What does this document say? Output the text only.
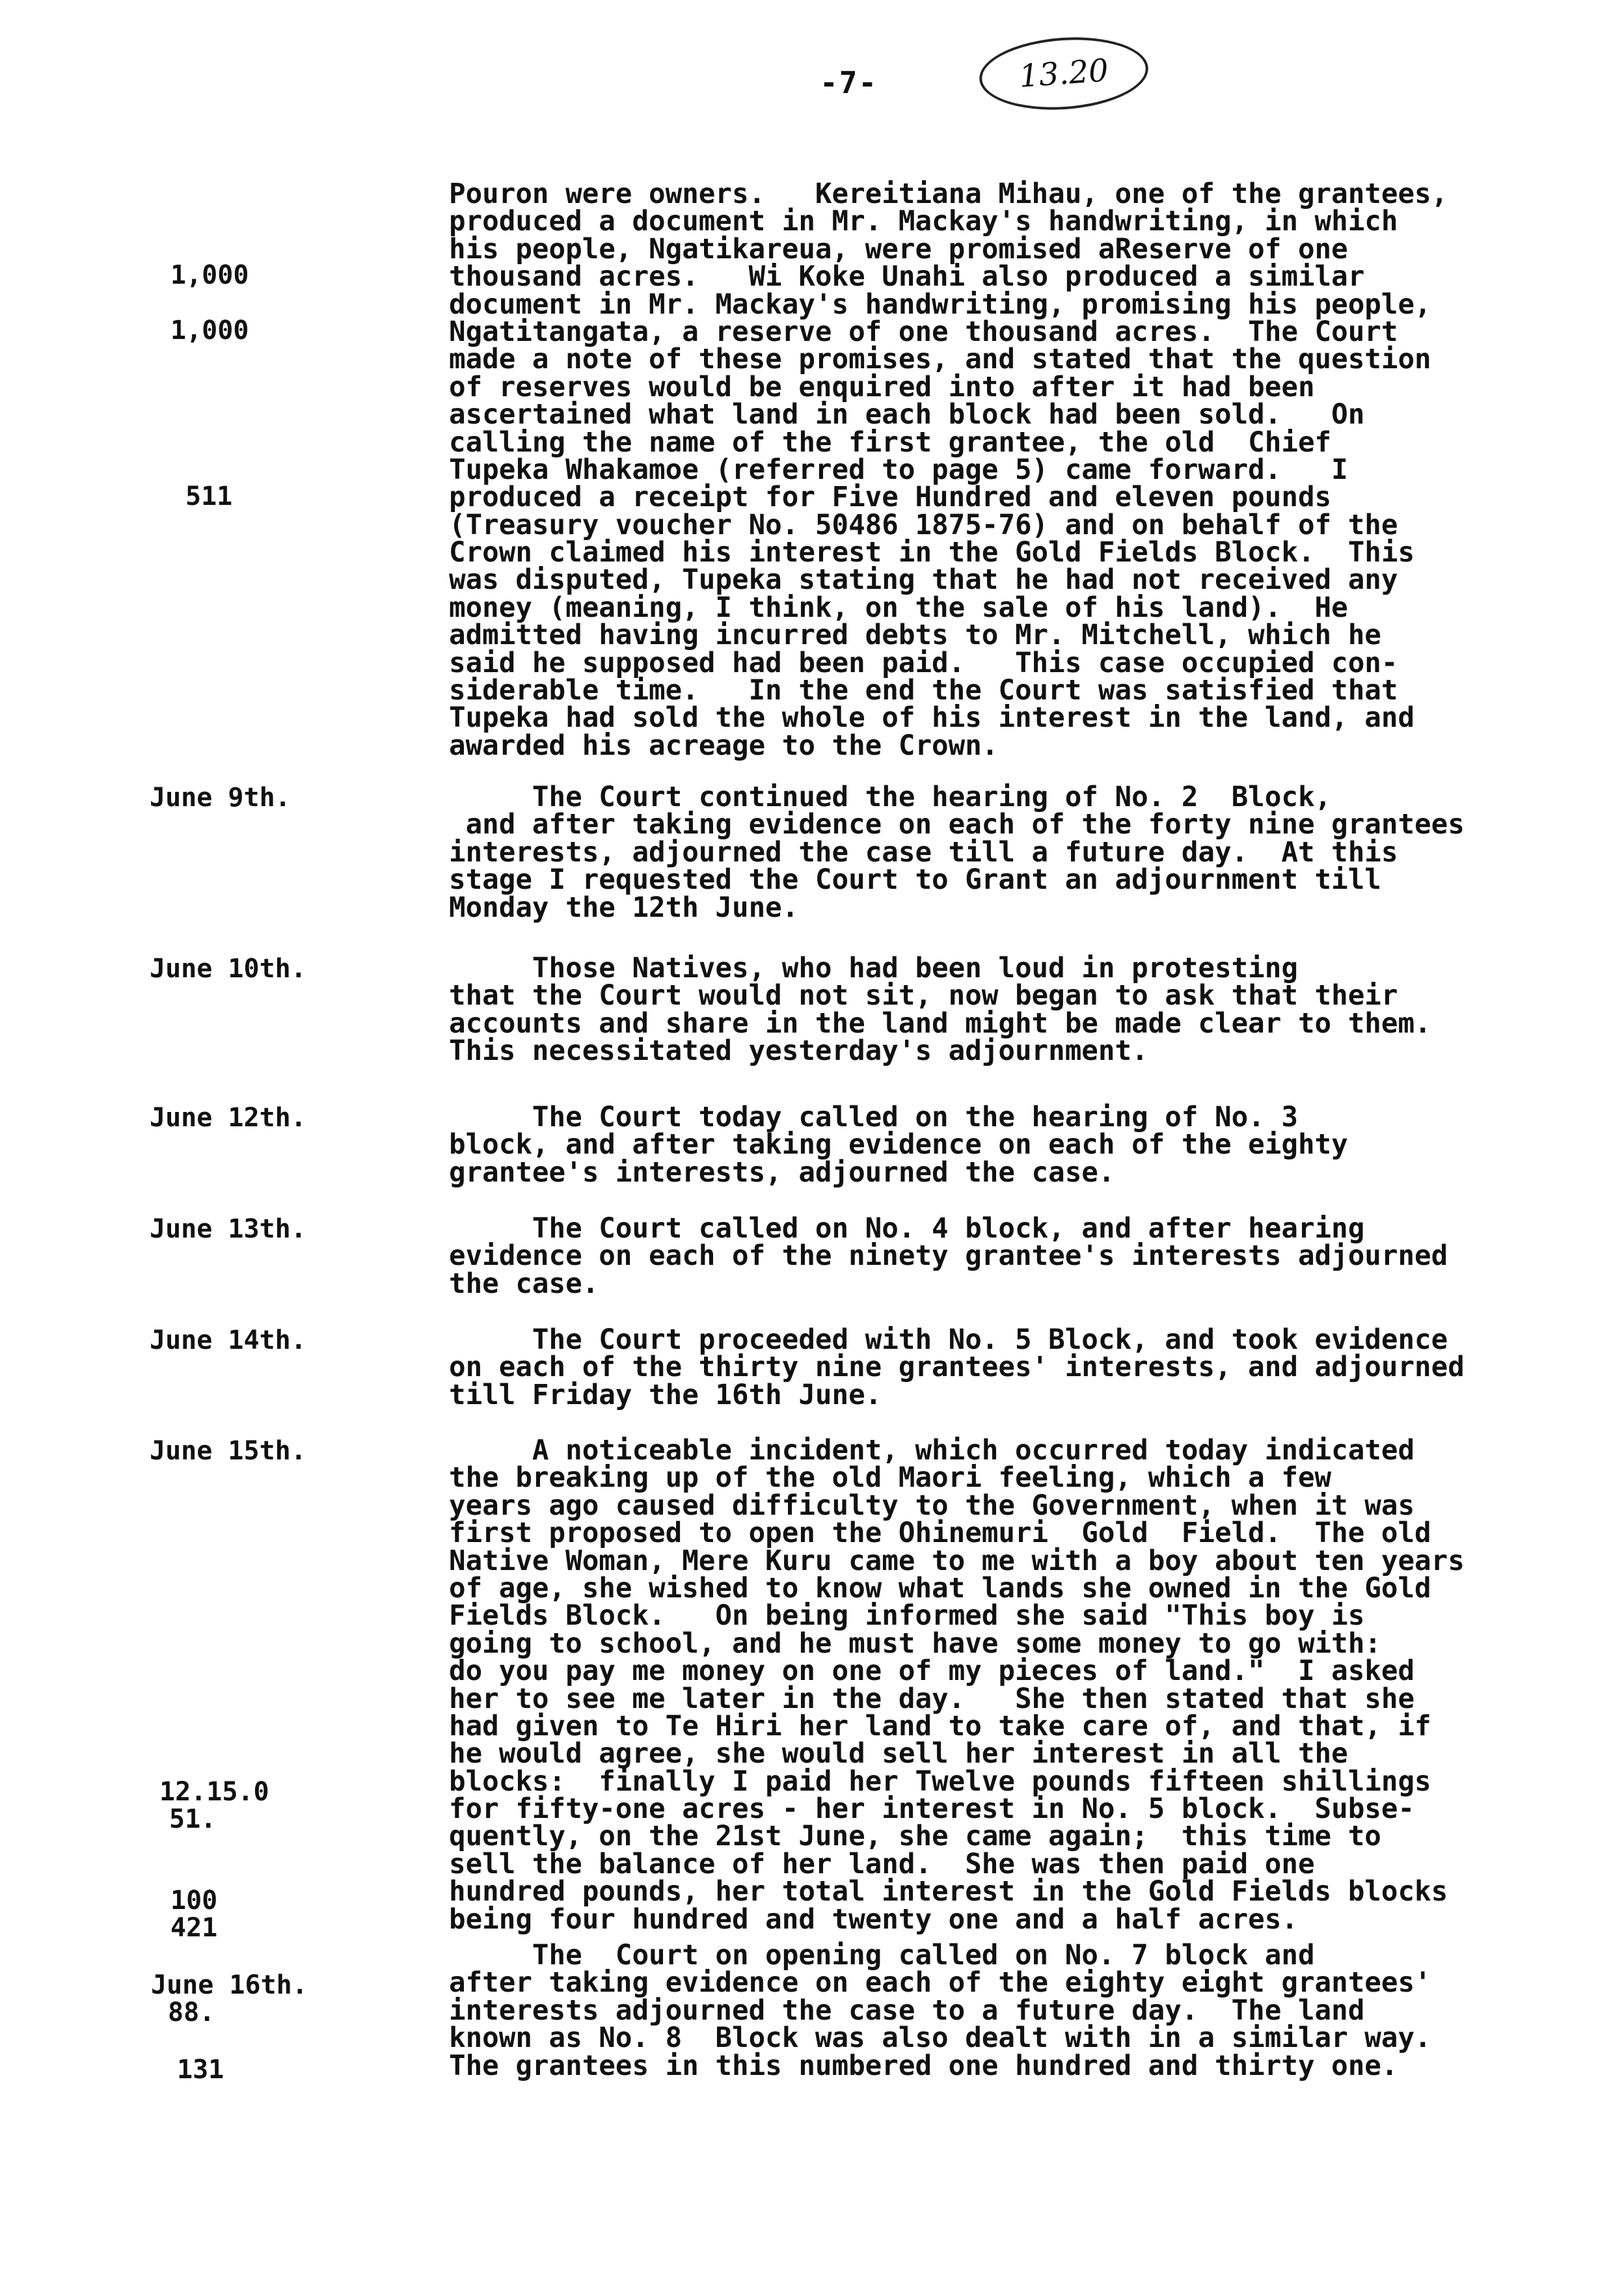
-7-	13.20
1,000
1,000
511
June 9th.
June 10th.
June 12th.
June 13th.
June 14th.
June 15th.
12.15.0
51.
100
421
June 16th.
88.
131
Pouron were owners.   Kereitiana Mihau, one of the grantees,
produced a document in Mr. Mackay's handwriting, in which
his people, Ngatikareua, were promised aReserve of one
thousand acres.   Wi Koke Unahi also produced a similar
document in Mr. Mackay's handwriting, promising his people,
Ngatitangata, a reserve of one thousand acres.  The Court
made a note of these promises, and stated that the question
of reserves would be enquired into after it had been
ascertained what land in each block had been sold.   On
calling the name of the first grantee, the old  Chief
Tupeka Whakamoe (referred to page 5) came forward.   I
produced a receipt for Five Hundred and eleven pounds
(Treasury voucher No. 50486 1875-76) and on behalf of the
Crown claimed his interest in the Gold Fields Block.  This
was disputed, Tupeka stating that he had not received any
money (meaning, I think, on the sale of his land).  He
admitted having incurred debts to Mr. Mitchell, which he
said he supposed had been paid.   This case occupied con-
siderable time.   In the end the Court was satisfied that
Tupeka had sold the whole of his interest in the land, and
awarded his acreage to the Crown.
The Court continued the hearing of No. 2  Block,
and after taking evidence on each of the forty nine grantees
interests, adjourned the case till a future day.  At this
stage I requested the Court to Grant an adjournment till
Monday the 12th June.
Those Natives, who had been loud in protesting
that the Court would not sit, now began to ask that their
accounts and share in the land might be made clear to them.
This necessitated yesterday's adjournment.
The Court today called on the hearing of No. 3
block, and after taking evidence on each of the eighty
grantee's interests, adjourned the case.
The Court called on No. 4 block, and after hearing
evidence on each of the ninety grantee's interests adjourned
the case.
The Court proceeded with No. 5 Block, and took evidence
on each of the thirty nine grantees' interests, and adjourned
till Friday the 16th June.
A noticeable incident, which occurred today indicated
the breaking up of the old Maori feeling, which a few
years ago caused difficulty to the Government, when it was
first proposed to open the Ohinemuri  Gold  Field.  The old
Native Woman, Mere Kuru came to me with a boy about ten years
of age, she wished to know what lands she owned in the Gold
Fields Block.   On being informed she said "This boy is
going to school, and he must have some money to go with:
do you pay me money on one of my pieces of land."  I asked
her to see me later in the day.   She then stated that she
had given to Te Hiri her land to take care of, and that, if
he would agree, she would sell her interest in all the
blocks:  finally I paid her Twelve pounds fifteen shillings
for fifty-one acres - her interest in No. 5 block.  Subse-
quently, on the 21st June, she came again;  this time to
sell the balance of her land.  She was then paid one
hundred pounds, her total interest in the Gold Fields blocks
being four hundred and twenty one and a half acres.
The  Court on opening called on No. 7 block and
after taking evidence on each of the eighty eight grantees'
interests adjourned the case to a future day.  The land
known as No. 8  Block was also dealt with in a similar way.
The grantees in this numbered one hundred and thirty one.
